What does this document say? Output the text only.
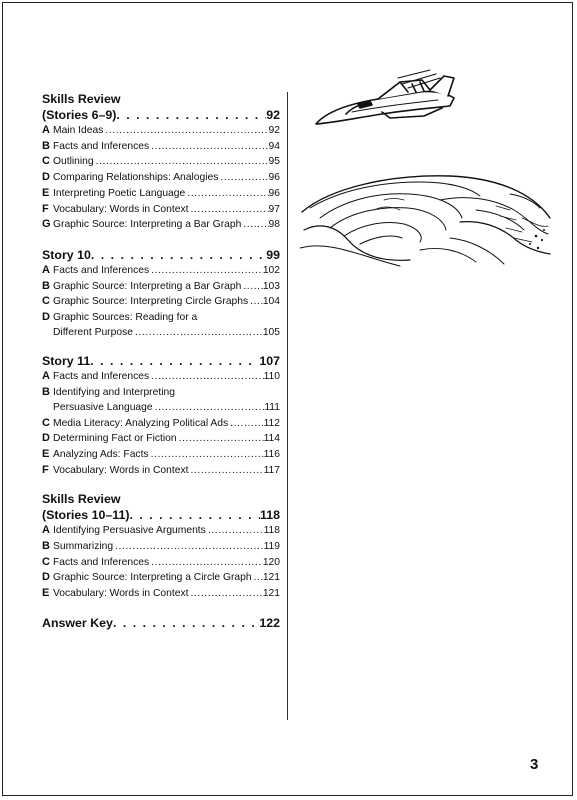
Skills Review
(Stories 6–9) . . .	92
A Main Ideas .....	92
B Facts and Inferences .....	94
C Outlining .....	95
D Comparing Relationships: Analogies .....	96
E Interpreting Poetic Language .....	96
F Vocabulary: Words in Context .....	97
G Graphic Source: Interpreting a Bar Graph .....	98
Story 10 . . .	99
A Facts and Inferences .....	102
B Graphic Source: Interpreting a Bar Graph ..... 103
C Graphic Source: Interpreting Circle Graphs ..... 104
D Graphic Sources: Reading for a
Different Purpose .....	105
Story 11 . . .	107
A Facts and Inferences .....	110
B Identifying and Interpreting
Persuasive Language .....	111
C Media Literacy: Analyzing Political Ads .....	112
D Determining Fact or Fiction .....	114
E Analyzing Ads: Facts .....	116
F Vocabulary: Words in Context .....	117
Skills Review
(Stories 10–11) . . .	118
A Identifying Persuasive Arguments .....	118
B Summarizing .....	119
C Facts and Inferences .....	120
D Graphic Source: Interpreting a Circle Graph ..... 121
E Vocabulary: Words in Context .....	121
Answer Key . . .	122
3
